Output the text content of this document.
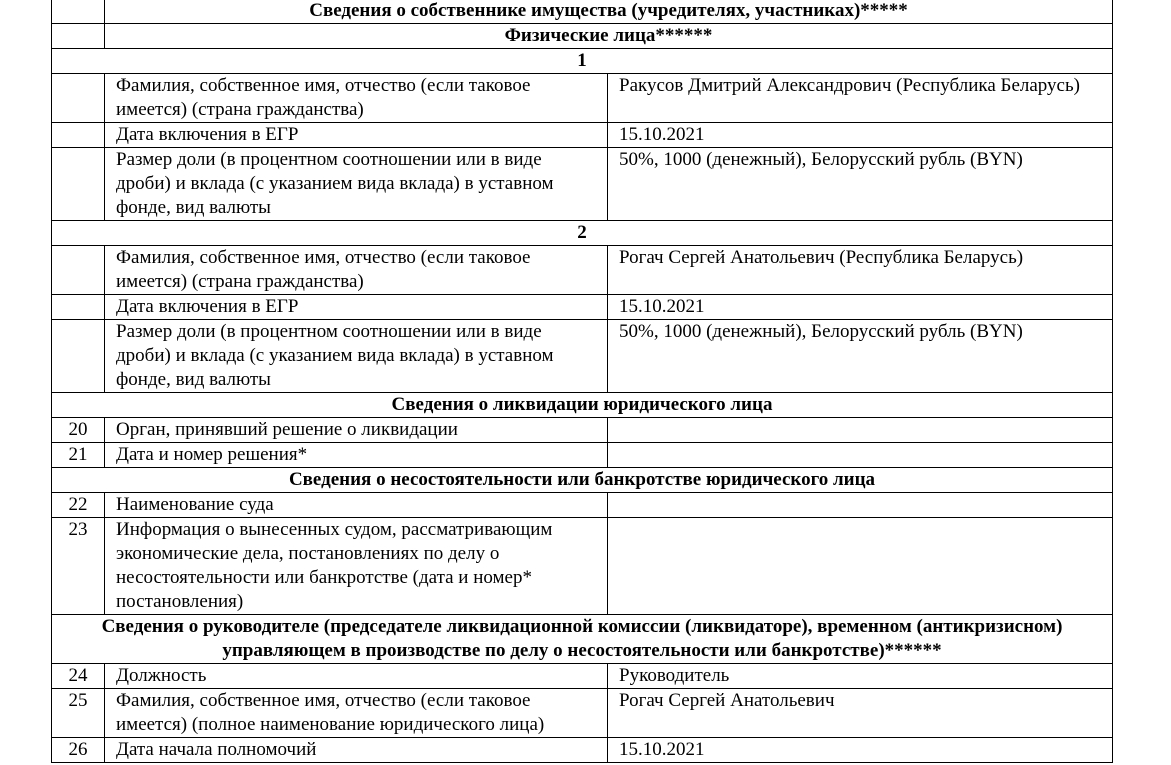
	Сведения о собственнике имущества (учредителях, участниках)*****	
	Физические лица******	
1		
	Фамилия, собственное имя, отчество (если таковое имеется) (страна гражданства)	Ракусов Дмитрий Александрович (Республика Беларусь)
	Дата включения в ЕГР	15.10.2021
	Размер доли (в процентном соотношении или в виде дроби) и вклада (с указанием вида вклада) в уставном фонде, вид валюты	50%, 1000 (денежный), Белорусский рубль (BYN)
2		
	Фамилия, собственное имя, отчество (если таковое имеется) (страна гражданства)	Рогач Сергей Анатольевич (Республика Беларусь)
	Дата включения в ЕГР	15.10.2021
	Размер доли (в процентном соотношении или в виде дроби) и вклада (с указанием вида вклада) в уставном фонде, вид валюты	50%, 1000 (денежный), Белорусский рубль (BYN)
Сведения о ликвидации юридического лица		
20	Орган, принявший решение о ликвидации	
21	Дата и номер решения*	
Сведения о несостоятельности или банкротстве юридического лица		
22	Наименование суда	
23	Информация о вынесенных судом, рассматривающим экономические дела, постановлениях по делу о несостоятельности или банкротстве (дата и номер* постановления)	
Сведения о руководителе (председателе ликвидационной комиссии (ликвидаторе), временном (антикризисном) управляющем в производстве по делу о несостоятельности или банкротстве)******		
24	Должность	Руководитель
25	Фамилия, собственное имя, отчество (если таковое имеется) (полное наименование юридического лица)	Рогач Сергей Анатольевич
26	Дата начала полномочий	15.10.2021
